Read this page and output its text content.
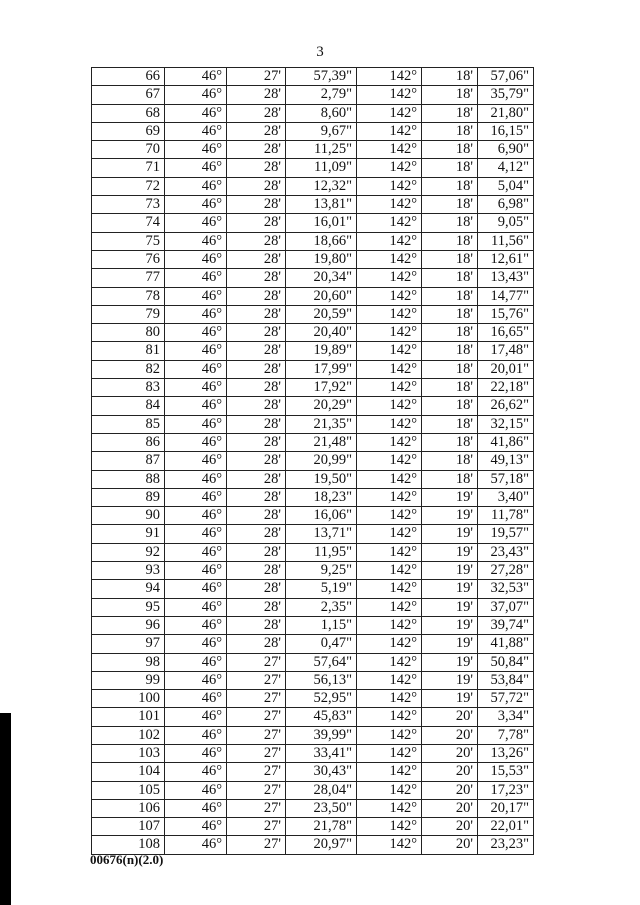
3
66	46°	27'	57,39"	142°	18'	57,06"
67	46°	28'	2,79"	142°	18'	35,79"
68	46°	28'	8,60"	142°	18'	21,80"
69	46°	28'	9,67"	142°	18'	16,15"
70	46°	28'	11,25"	142°	18'	6,90"
71	46°	28'	11,09"	142°	18'	4,12"
72	46°	28'	12,32"	142°	18'	5,04"
73	46°	28'	13,81"	142°	18'	6,98"
74	46°	28'	16,01"	142°	18'	9,05"
75	46°	28'	18,66"	142°	18'	11,56"
76	46°	28'	19,80"	142°	18'	12,61"
77	46°	28'	20,34"	142°	18'	13,43"
78	46°	28'	20,60"	142°	18'	14,77"
79	46°	28'	20,59"	142°	18'	15,76"
80	46°	28'	20,40"	142°	18'	16,65"
81	46°	28'	19,89"	142°	18'	17,48"
82	46°	28'	17,99"	142°	18'	20,01"
83	46°	28'	17,92"	142°	18'	22,18"
84	46°	28'	20,29"	142°	18'	26,62"
85	46°	28'	21,35"	142°	18'	32,15"
86	46°	28'	21,48"	142°	18'	41,86"
87	46°	28'	20,99"	142°	18'	49,13"
88	46°	28'	19,50"	142°	18'	57,18"
89	46°	28'	18,23"	142°	19'	3,40"
90	46°	28'	16,06"	142°	19'	11,78"
91	46°	28'	13,71"	142°	19'	19,57"
92	46°	28'	11,95"	142°	19'	23,43"
93	46°	28'	9,25"	142°	19'	27,28"
94	46°	28'	5,19"	142°	19'	32,53"
95	46°	28'	2,35"	142°	19'	37,07"
96	46°	28'	1,15"	142°	19'	39,74"
97	46°	28'	0,47"	142°	19'	41,88"
98	46°	27'	57,64"	142°	19'	50,84"
99	46°	27'	56,13"	142°	19'	53,84"
100	46°	27'	52,95"	142°	19'	57,72"
101	46°	27'	45,83"	142°	20'	3,34"
102	46°	27'	39,99"	142°	20'	7,78"
103	46°	27'	33,41"	142°	20'	13,26"
104	46°	27'	30,43"	142°	20'	15,53"
105	46°	27'	28,04"	142°	20'	17,23"
106	46°	27'	23,50"	142°	20'	20,17"
107	46°	27'	21,78"	142°	20'	22,01"
108	46°	27'	20,97"	142°	20'	23,23"
00676(n)(2.0)
